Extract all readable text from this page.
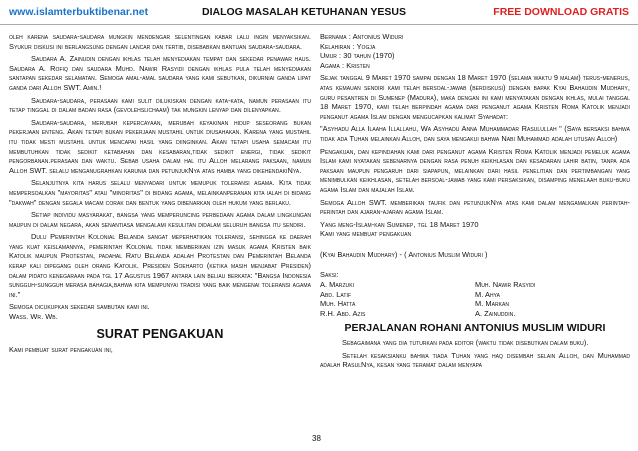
www.islamterbuktibenar.net	DIALOG MASALAH KETUHANAN YESUS	FREE DOWNLOAD GRATIS

oleh karena saudara-saudara mungkin mendengar selentingan kabar lalu ingin menyaksikan. Syukur diskusi ini berlangsung dengan lancar dan tertib, disebabkan bantuan saudara-saudara.

Saudara A. Zainudin dengan ikhlas telah menyediakan tempat dan sekedar penawar haus. Saudara A. Rofiq dan saudara Muhd. Nawir Rasyidi dengan ikhlas pula telah menyediakan santapan sekedar selamatan. Semoga amal-amal saudara yang kami sebutkan, dikurniai ganda lipat ganda dari Alloh SWT. Amin.!

Saudara-saudara, perasaan kami sulit dilukiskan dengan kata-kata, namun perasaan itu tetap tinggal di dalam badan rasa (gevolehslichaam) tak mungkin lenyap dan dilenyapkan.

Saudara-saudara, merubah kepercayaan, merubah keyakinan hidup seseorang bukan pekerjaan enteng. Akan tetapi bukan pekerjaan mustahil untuk diusahakan. Karena yang mustahil itu tidak mesti mustahil untuk mencapai hasil yang diinginkan. Akan tetapi usaha semacam itu membutuhkan tidak sedikit ketabahan dan kesabaran,tidak sedikit energi, tidak sedikit pengorbanan.perasaan dan waktu. Sebab usaha dalam hal itu Alloh melarang paksaan, namun Alloh SWT. selalu menganugrahkan karunia dan petunjukNya atas hamba yang dikehendakiNya.

Selanjutnya kita harus selalu menyadari untuk memupuk toleransi agama. Kita tidak mempersoalkan "mayoritas" atau "minoritas" di bidang agama, melainkanperanan kita ialah di bidang "dakwah" dengan segala macam corak dan bentuk yang dibenarkan oleh hukum yang berlaku.

Setiap individu masyarakat, bangsa yang memperuncing perbedaan agama dalam lingkungan maupun di dalam negara, akan senantiasa mengalami kesulitan didalam seluruh bangsa itu sendiri.

Dulu Pemerintah Kolonial Belanda sangat meperhatikan toleransi, sehingga ke daerah yang kuat keislamannya, pemerintah Kolonial tidak memberikan izin masuk agama Kristen baik Katolik maupun Protestan, padahal Ratu Belanda adalah Protestan dan Pemerintah Belanda kerap kali dipegang oleh orang Katolik. Presiden Soeharto (ketika masih menjabat Presiden) dalam pidato kenegaraan pada tgl 17 Agustus 1967 antara lain beliau berkata: "Bangsa Indonesia sungguh-sungguh merasa bahagia,bahwa kita mempunyai tradisi yang baik mengenai toleransi agama ini."

Semoga dicukupkan sekedar sambutan kami ini.

Wass. Wr. Wb.

SURAT PENGAKUAN

Kami pembuat surat pengakuan ini,

Bernama : Antonius Widuri

Kelahiran : Yogja

Umur : 30 tahun (1970)

Agama : Kristen

Sejak tanggal 9 Maret 1970 sampai dengan 18 Maret 1970 (selama waktu 9 malam) terus-menerus, atas kemauan sendiri kami telah bersoal-jawab (berdiskusi) dengan bapak Kyai Bahaudin Mudhary, guru pesantren di Sumenep (Madura), maka dengan ini kami menyatakan dengan ikhlas, mulai tanggal 18 Maret 1970, kami telah berpindah agama dari penganut agama Kristen Roma Katolik menjadi penganut agama Islam dengan mengucapkan kalimat Syahadat:

"Asyhadu Alla Ilaaha Illallahu, Wa Asyhadu Anna Muhammadar Rasulullah " (Saya bersaksi bahwa tidak ada Tuhan melainkan Alloh, dan saya mengakui bahwa Nabi Muhammad adalah utusan Alloh)

Pengakuan, dan kepindahan kami dari penganut agama Kristen Roma Katolik menjadi pemeluk agama Islam kami nyatakan sebenarnya dengan rasa penuh keikhlasan dan kesadaran lahir batin, tanpa ada paksaan maupun pengaruh dari siapapun, melainkan dari hasil penelitian dan pertimbangan yang menimbulkan keikhlasan, setelah bersoal-jawab yang kami persaksikan, disamping menelaah buku-buku agama Islam dan majalah Islam.

Semoga Alloh SWT. memberikan taufik dan petunjukNya atas kami dalam mengamalkan perintah-perintah dan ajaran-ajaran agama Islam.

Yang meng-Islam-kan Sumenep, tgl 18 Maret 1970

Kami yang membuat pengakuan

(Kyai Bahaudin Mudhary) - ( Antonius Muslim Widuri )

Saksi:

A. Marzuki	Muh. Nawir Rasyidi
Abd. Latif	M. Ahya
Muh. Hatta	M. Markan
R.H. Abd. Azis	A. Zainuddin.
PERJALANAN ROHANI ANTONIUS MUSLIM WIDURI

Sebagaimana yang dia tuturkan pada editor (waktu tidak disebutkan dalam buku).

Setelah kesaksianku bahwa tiada Tuhan yang haq disembah selain Alloh, dan Muhammad adalah RasulNya, kesan yang teramat dalam menyapa

38
